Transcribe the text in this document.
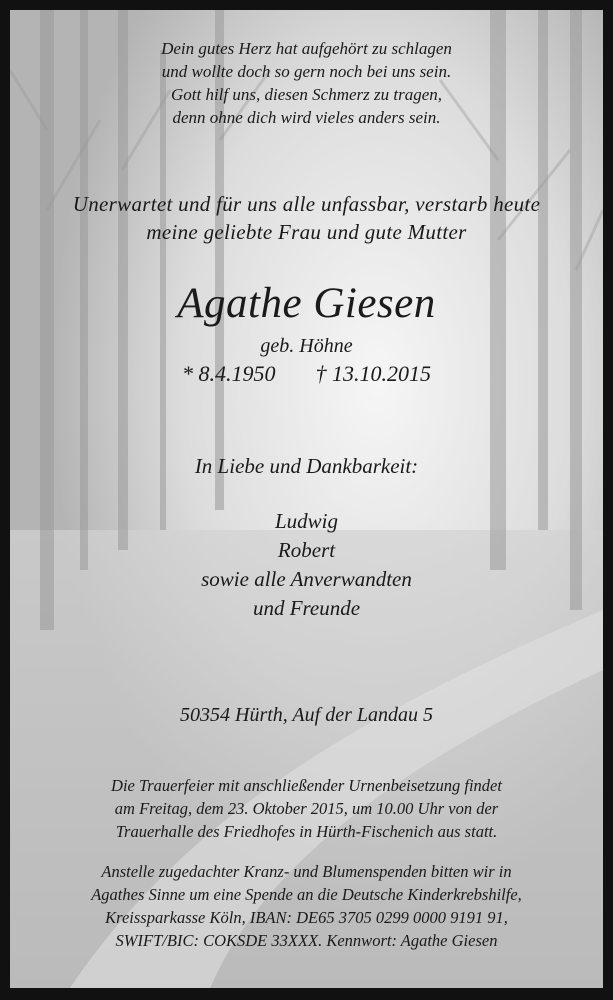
Dein gutes Herz hat aufgehört zu schlagen
und wollte doch so gern noch bei uns sein.
Gott hilf uns, diesen Schmerz zu tragen,
denn ohne dich wird vieles anders sein.
Unerwartet und für uns alle unfassbar, verstarb heute
meine geliebte Frau und gute Mutter
Agathe Giesen
geb. Höhne
* 8.4.1950 † 13.10.2015
In Liebe und Dankbarkeit:
Ludwig
Robert
sowie alle Anverwandten
und Freunde
50354 Hürth, Auf der Landau 5
Die Trauerfeier mit anschließender Urnenbeisetzung findet
am Freitag, dem 23. Oktober 2015, um 10.00 Uhr von der
Trauerhalle des Friedhofes in Hürth-Fischenich aus statt.
Anstelle zugedachter Kranz- und Blumenspenden bitten wir in
Agathes Sinne um eine Spende an die Deutsche Kinderkrebshilfe,
Kreissparkasse Köln, IBAN: DE65 3705 0299 0000 9191 91,
SWIFT/BIC: COKSDE 33XXX. Kennwort: Agathe Giesen
